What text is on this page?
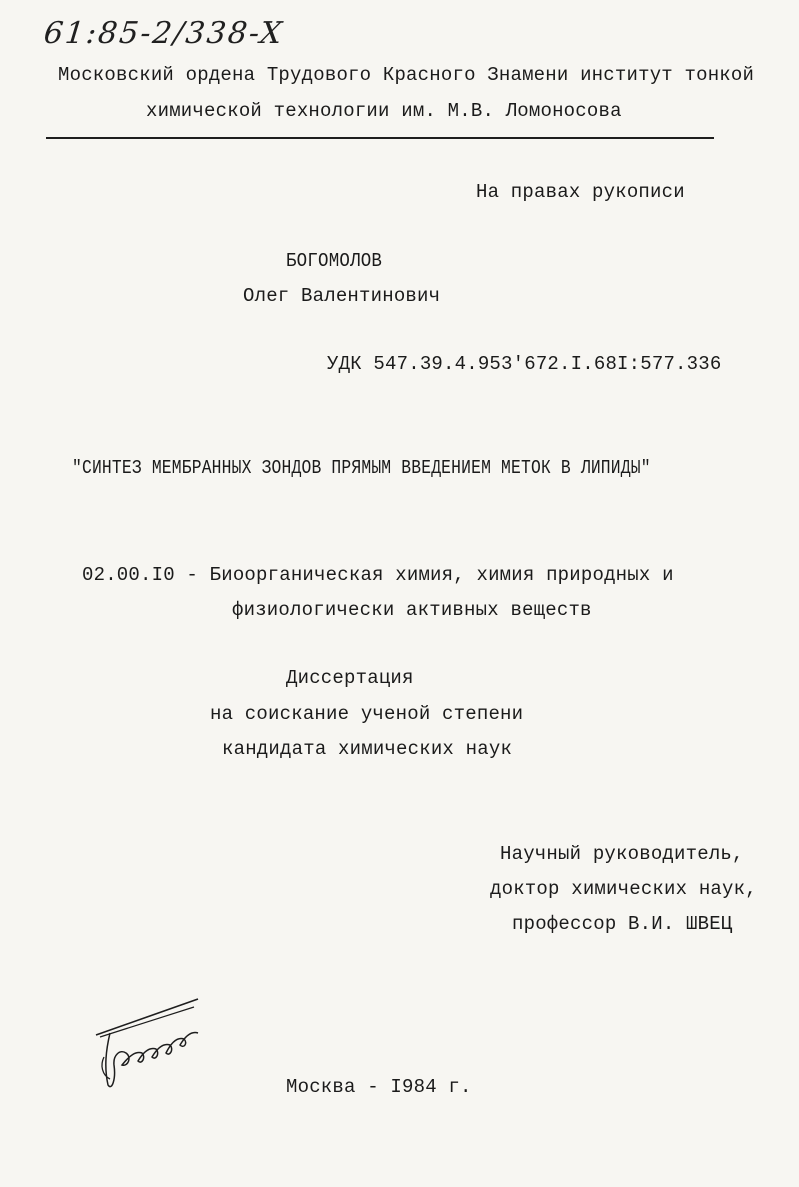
61:85-2/338-X
Московский ордена Трудового Красного Знамени институт тонкой
химической технологии им. М.В. Ломоносова
На правах рукописи
БОГОМОЛОВ
Олег Валентинович
УДК 547.39.4.953'672.I.68I:577.336
"СИНТЕЗ МЕМБРАННЫХ ЗОНДОВ ПРЯМЫМ ВВЕДЕНИЕМ МЕТОК В ЛИПИДЫ"
02.00.I0 - Биоорганическая химия, химия природных и
физиологически активных веществ
Диссертация
на соискание ученой степени
кандидата химических наук
Научный руководитель,
доктор химических наук,
профессор В.И. ШВЕЦ
Москва - I984 г.
